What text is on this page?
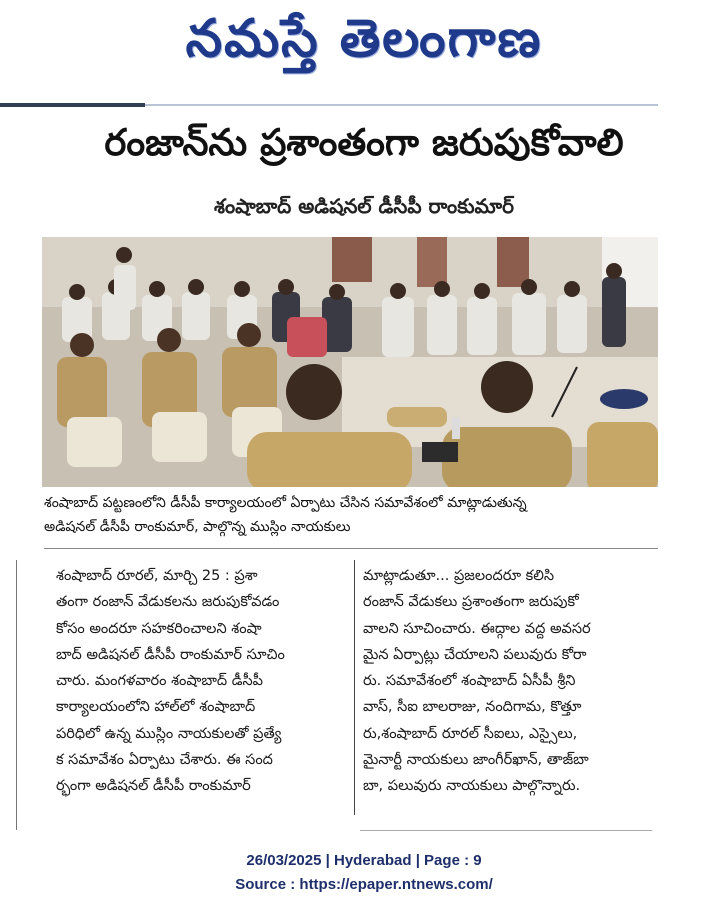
నమస్తే తెలంగాణ
రంజాన్‌ను ప్రశాంతంగా జరుపుకోవాలి
శంషాబాద్ అడిషనల్ డీసీపీ రాంకుమార్
శంషాబాద్ పట్టణంలోని డీసీపీ కార్యాలయంలో ఏర్పాటు చేసిన సమావేశంలో మాట్లాడుతున్న
అడిషనల్ డీసీపీ రాంకుమార్, పాల్గొన్న ముస్లిం నాయకులు
శంషాబాద్ రూరల్, మార్చి 25 : ప్రశా
తంగా రంజాన్ వేడుకలను జరుపుకోవడం
కోసం అందరూ సహకరించాలని శంషా
బాద్ అడిషనల్ డీసీపీ రాంకుమార్ సూచిం
చారు. మంగళవారం శంషాబాద్ డీసీపీ
కార్యాలయంలోని హాల్‌లో శంషాబాద్
పరిధిలో ఉన్న ముస్లిం నాయకులతో ప్రత్యే
క సమావేశం ఏర్పాటు చేశారు. ఈ సంద
ర్భంగా అడిషనల్ డీసీపీ రాంకుమార్
మాట్లాడుతూ... ప్రజలందరూ కలిసి
రంజాన్ వేడుకలు ప్రశాంతంగా జరుపుకో
వాలని సూచించారు. ఈద్గాల వద్ద అవసర
మైన ఏర్పాట్లు చేయాలని పలువురు కోరా
రు. సమావేశంలో శంషాబాద్ ఏసీపీ శ్రీని
వాస్, సీఐ బాలరాజు, నందిగామ, కొత్తూ
రు,శంషాబాద్ రూరల్ సీఐలు, ఎస్సైలు,
మైనార్టీ నాయకులు జాంగీర్‌ఖాన్, తాజ్‌బా
బా, పలువురు నాయకులు పాల్గొన్నారు.
26/03/2025 | Hyderabad | Page : 9
Source : https://epaper.ntnews.com/
